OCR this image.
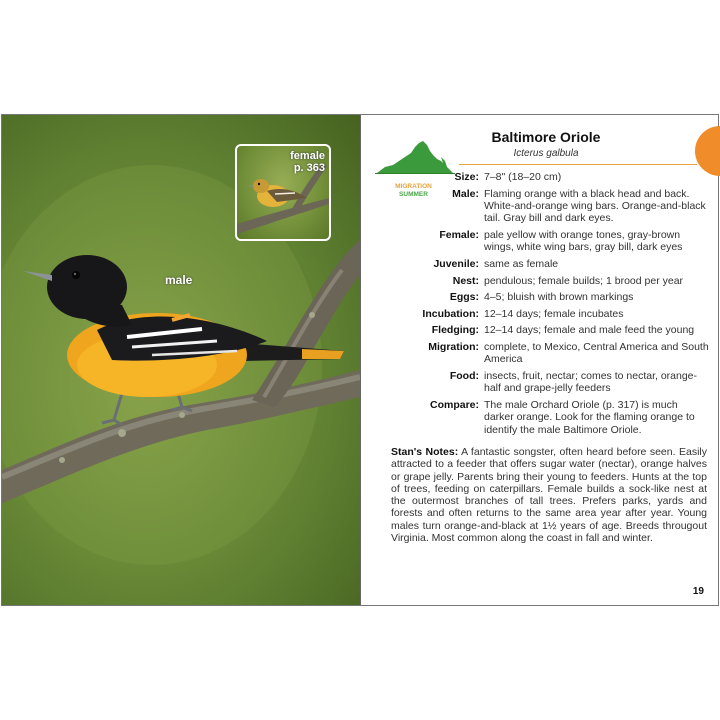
male
female
p. 363
Baltimore Oriole
Icterus galbula
MIGRATION
SUMMER
Size: 7–8" (18–20 cm)
Male: Flaming orange with a black head and back. White-and-orange wing bars. Orange-and-black tail. Gray bill and dark eyes.
Female: pale yellow with orange tones, gray-brown wings, white wing bars, gray bill, dark eyes
Juvenile: same as female
Nest: pendulous; female builds; 1 brood per year
Eggs: 4–5; bluish with brown markings
Incubation: 12–14 days; female incubates
Fledging: 12–14 days; female and male feed the young
Migration: complete, to Mexico, Central America and South America
Food: insects, fruit, nectar; comes to nectar, orange-half and grape-jelly feeders
Compare: The male Orchard Oriole (p. 317) is much darker orange. Look for the flaming orange to identify the male Baltimore Oriole.
Stan's Notes: A fantastic songster, often heard before seen. Easily attracted to a feeder that offers sugar water (nectar), orange halves or grape jelly. Parents bring their young to feeders. Hunts at the top of trees, feeding on caterpillars. Female builds a sock-like nest at the outermost branches of tall trees. Prefers parks, yards and forests and often returns to the same area year after year. Young males turn orange-and-black at 1½ years of age. Breeds througout Virginia. Most common along the coast in fall and winter.
19
